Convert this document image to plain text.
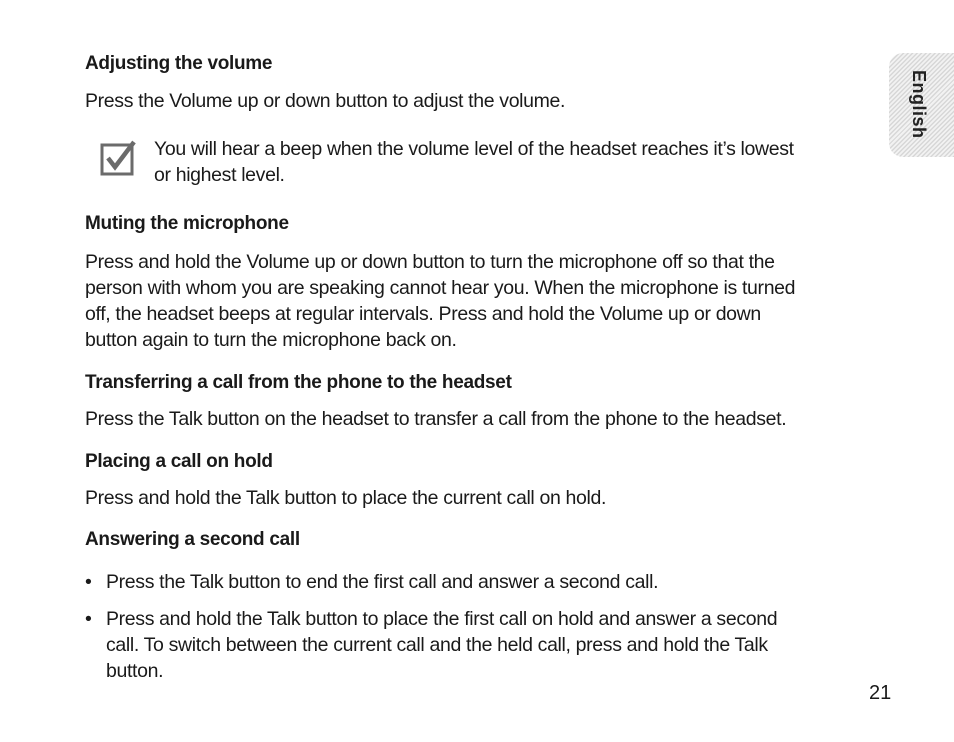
English
Adjusting the volume

Press the Volume up or down button to adjust the volume.

You will hear a beep when the volume level of the headset reaches it’s lowest
or highest level.
Muting the microphone
Press and hold the Volume up or down button to turn the microphone off so that the
person with whom you are speaking cannot hear you. When the microphone is turned
off, the headset beeps at regular intervals. Press and hold the Volume up or down
button again to turn the microphone back on.
Transferring a call from the phone to the headset

Press the Talk button on the headset to transfer a call from the phone to the headset.

Placing a call on hold

Press and hold the Talk button to place the current call on hold.

Answering a second call
• Press the Talk button to end the first call and answer a second call.
• Press and hold the Talk button to place the first call on hold and answer a second
call. To switch between the current call and the held call, press and hold the Talk
button.
21
